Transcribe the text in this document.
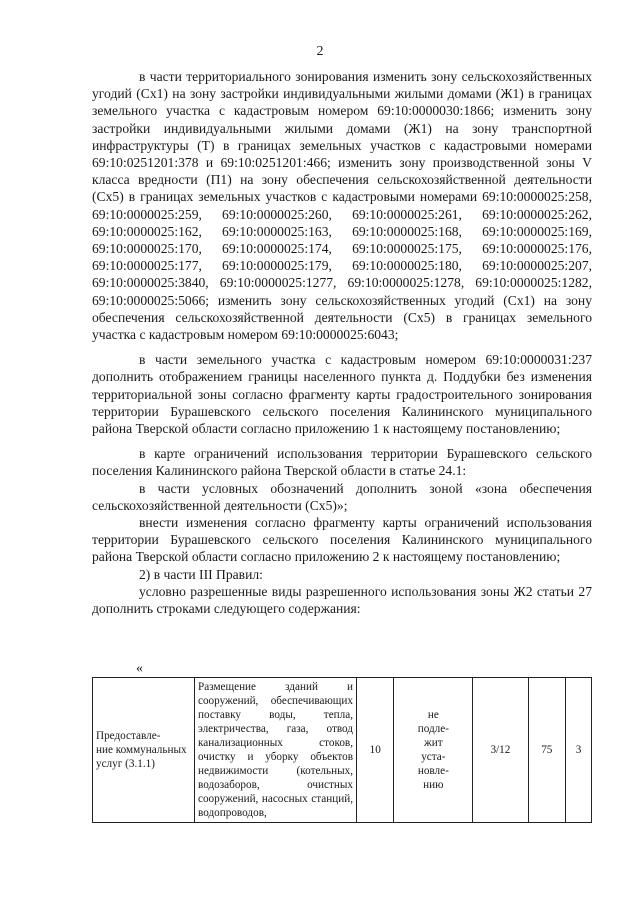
2

в части территориального зонирования изменить зону сельскохозяйственных угодий (Сх1) на зону застройки индивидуальными жилыми домами (Ж1) в границах земельного участка с кадастровым номером 69:10:0000030:1866; изменить зону застройки индивидуальными жилыми домами (Ж1) на зону транспортной инфраструктуры (Т) в границах земельных участков с кадастровыми номерами 69:10:0251201:378 и 69:10:0251201:466; изменить зону производственной зоны V класса вредности (П1) на зону обеспечения сельскохозяйственной деятельности (Сх5) в границах земельных участков с кадастровыми номерами 69:10:0000025:258, 69:10:0000025:259, 69:10:0000025:260, 69:10:0000025:261, 69:10:0000025:262, 69:10:0000025:162, 69:10:0000025:163, 69:10:0000025:168, 69:10:0000025:169, 69:10:0000025:170, 69:10:0000025:174, 69:10:0000025:175, 69:10:0000025:176, 69:10:0000025:177, 69:10:0000025:179, 69:10:0000025:180, 69:10:0000025:207, 69:10:0000025:3840, 69:10:0000025:1277, 69:10:0000025:1278, 69:10:0000025:1282, 69:10:0000025:5066; изменить зону сельскохозяйственных угодий (Сх1) на зону обеспечения сельскохозяйственной деятельности (Сх5) в границах земельного участка с кадастровым номером 69:10:0000025:6043;

в части земельного участка с кадастровым номером 69:10:0000031:237 дополнить отображением границы населенного пункта д. Поддубки без изменения территориальной зоны согласно фрагменту карты градостроительного зонирования территории Бурашевского сельского поселения Калининского муниципального района Тверской области согласно приложению 1 к настоящему постановлению;

в карте ограничений использования территории Бурашевского сельского поселения Калининского района Тверской области в статье 24.1:

в части условных обозначений дополнить зоной «зона обеспечения сельскохозяйственной деятельности (Сх5)»;

внести изменения согласно фрагменту карты ограничений использования территории Бурашевского сельского поселения Калининского муниципального района Тверской области согласно приложению 2 к настоящему постановлению;

2) в части III Правил:

условно разрешенные виды разрешенного использования зоны Ж2 статьи 27 дополнить строками следующего содержания:

«
Предоставле-
ние коммунальных услуг (3.1.1)	Размещение зданий и сооружений, обеспечивающих поставку воды, тепла, электричества, газа, отвод канализационных стоков, очистку и уборку объектов недвижимости (котельных, водозаборов, очистных сооружений, насосных станций, водопроводов,	10	не
подле-
жит
уста-
новле-
нию	3/12	75	3
